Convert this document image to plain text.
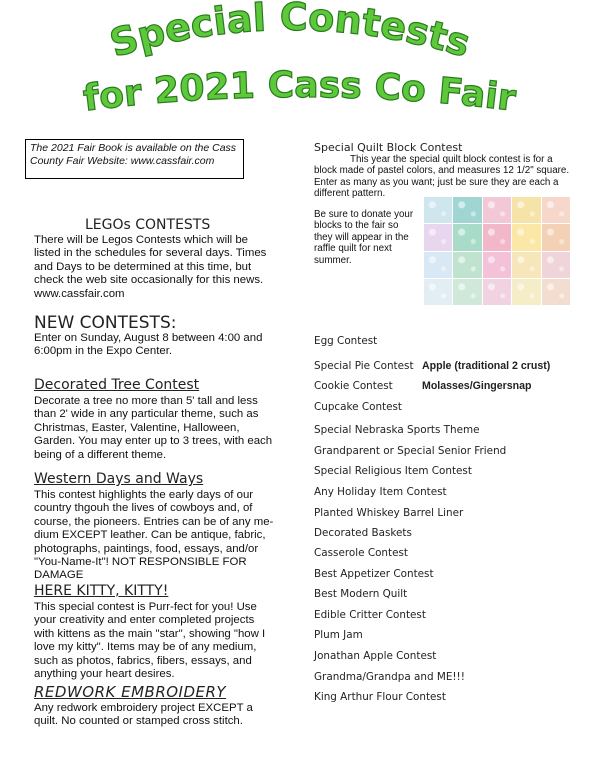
Special Contests
for 2021 Cass Co Fair
The 2021 Fair Book is available on the Cass County Fair Website: www.cassfair.com
LEGOs CONTESTS
There will be Legos Contests which will be listed in the schedules for several days. Times and Days to be determined at this time, but check the web site occasionally for this news. www.cassfair.com
NEW CONTESTS:
Enter on Sunday, August 8 between 4:00 and 6:00pm in the Expo Center.
Decorated Tree Contest
Decorate a tree no more than 5' tall and less than 2' wide in any particular theme, such as Christmas, Easter, Valentine, Halloween, Garden. You may enter up to 3 trees, with each being of a different theme.
Western Days and Ways
This contest highlights the early days of our country thgouh the lives of cowboys and, of course, the pioneers. Entries can be of any me-dium EXCEPT leather. Can be antique, fabric, photographs, paintings, food, essays, and/or "You-Name-It"! NOT RESPONSIBLE FOR DAMAGE
HERE KITTY, KITTY!
This special contest is Purr-fect for you! Use your creativity and enter completed projects with kittens as the main "star", showing "how I love my kitty". Items may be of any medium, such as photos, fabrics, fibers, essays, and anything your heart desires.
REDWORK EMBROIDERY
Any redwork embroidery project EXCEPT a quilt. No counted or stamped cross stitch.
Special Quilt Block Contest
This year the special quilt block contest is for a block made of pastel colors, and measures 12 1/2" square. Enter as many as you want; just be sure they are each a different pattern.
Be sure to donate your blocks to the fair so they will appear in the raffle quilt for next summer.
Egg Contest
Special Pie Contest Apple (traditional 2 crust)
Cookie Contest	Molasses/Gingersnap
Cupcake Contest
Special Nebraska Sports Theme
Grandparent or Special Senior Friend
Special Religious Item Contest
Any Holiday Item Contest
Planted Whiskey Barrel Liner
Decorated Baskets
Casserole Contest
Best Appetizer Contest
Best Modern Quilt
Edible Critter Contest
Plum Jam
Jonathan Apple Contest
Grandma/Grandpa and ME!!!
King Arthur Flour Contest
